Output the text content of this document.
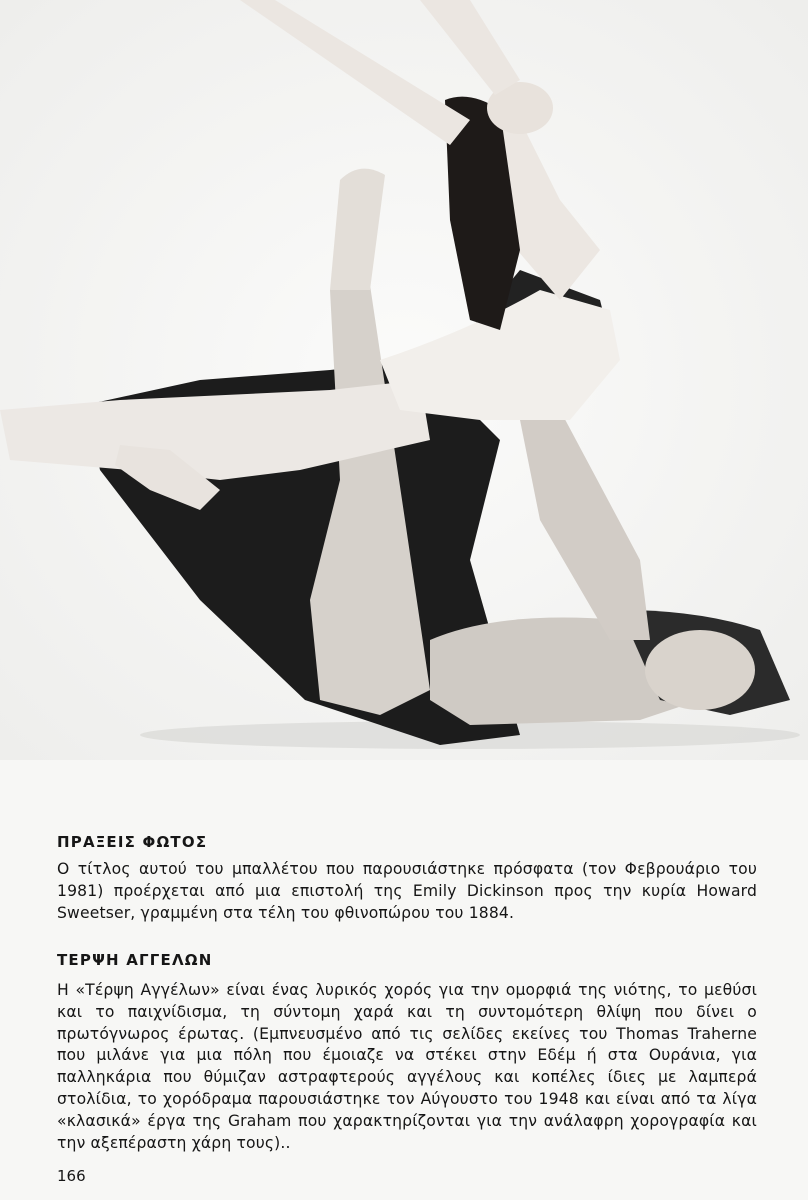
ΠΡΑΞΕΙΣ ΦΩΤΟΣ

Ο τίτλος αυτού του μπαλλέτου που παρουσιάστηκε πρόσφατα (τον Φεβρουάριο του 1981) προέρχεται από μια επιστολή της Emily Dickinson προς την κυρία Howard Sweetser, γραμμένη στα τέλη του φθινοπώρου του 1884.

ΤΕΡΨΗ ΑΓΓΕΛΩΝ

Η «Τέρψη Αγγέλων» είναι ένας λυρικός χορός για την ομορφιά της νιότης, το μεθύσι και το παιχνίδισμα, τη σύντομη χαρά και τη συντομότερη θλίψη που δίνει ο πρωτόγνωρος έρωτας. (Εμπνευσμένο από τις σελίδες εκείνες του Thomas Traherne που μιλάνε για μια πόλη που έμοιαζε να στέκει στην Εδέμ ή στα Ουράνια, για παλληκάρια που θύμιζαν αστραφτερούς αγγέλους και κοπέλες ίδιες με λαμπερά στολίδια, το χορόδραμα παρουσιάστηκε τον Αύγουστο του 1948 και είναι από τα λίγα «κλασικά» έργα της Graham που χαρακτηρίζονται για την ανάλαφρη χορογραφία και την αξεπέραστη χάρη τους)..

166
